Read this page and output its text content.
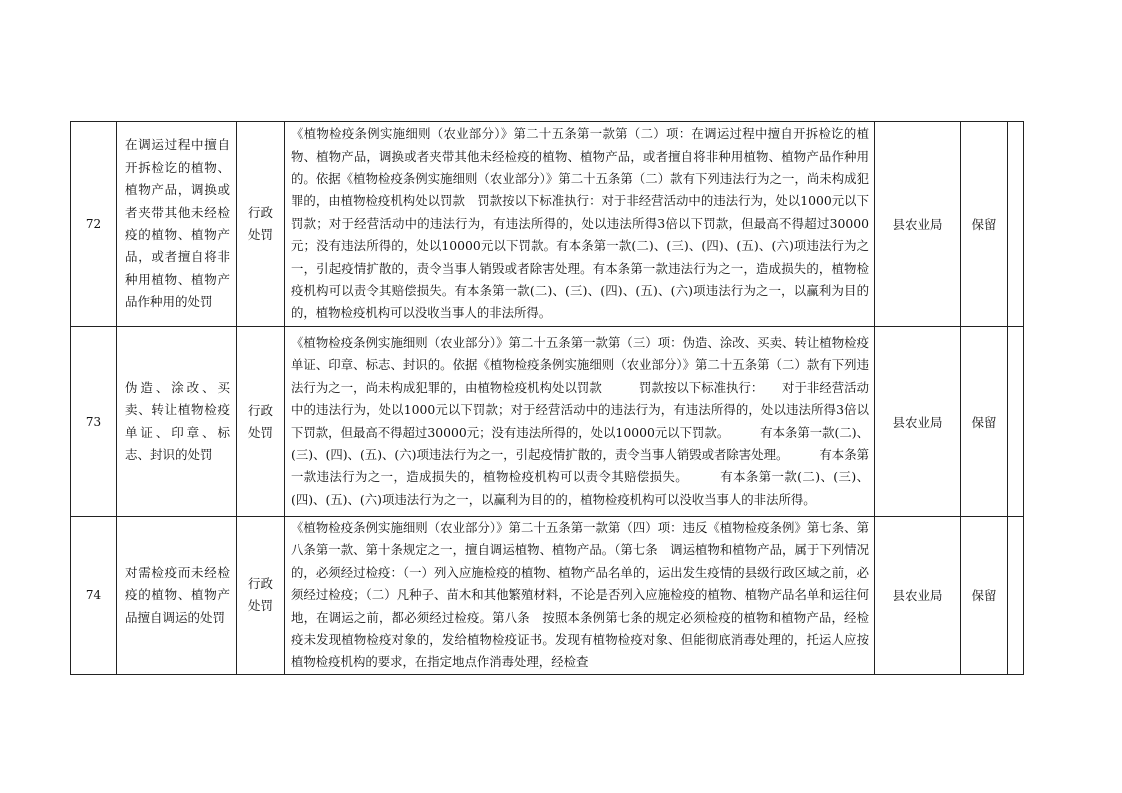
72	在调运过程中擅自开拆检讫的植物、植物产品，调换或者夹带其他未经检疫的植物、植物产品，或者擅自将非种用植物、植物产品作种用的处罚	行政处罚	《植物检疫条例实施细则（农业部分）》第二十五条第一款第（二）项：在调运过程中擅自开拆检讫的植物、植物产品，调换或者夹带其他未经检疫的植物、植物产品，或者擅自将非种用植物、植物产品作种用的。依据《植物检疫条例实施细则（农业部分）》第二十五条第（二）款有下列违法行为之一，尚未构成犯罪的，由植物检疫机构处以罚款　罚款按以下标准执行：对于非经营活动中的违法行为，处以1000元以下罚款；对于经营活动中的违法行为，有违法所得的，处以违法所得3倍以下罚款，但最高不得超过30000元；没有违法所得的，处以10000元以下罚款。有本条第一款(二)、(三)、(四)、(五)、(六)项违法行为之一，引起疫情扩散的，责令当事人销毁或者除害处理。有本条第一款违法行为之一，造成损失的，植物检疫机构可以责令其赔偿损失。有本条第一款(二)、(三)、(四)、(五)、(六)项违法行为之一，以赢利为目的的，植物检疫机构可以没收当事人的非法所得。	县农业局	保留	
73	伪造、涂改、买卖、转让植物检疫单证、印章、标志、封识的处罚	行政处罚	《植物检疫条例实施细则（农业部分）》第二十五条第一款第（三）项：伪造、涂改、买卖、转让植物检疫单证、印章、标志、封识的。依据《植物检疫条例实施细则（农业部分）》第二十五条第（二）款有下列违法行为之一，尚未构成犯罪的，由植物检疫机构处以罚款　　　罚款按以下标准执行：　　对于非经营活动中的违法行为，处以1000元以下罚款；对于经营活动中的违法行为，有违法所得的，处以违法所得3倍以下罚款，但最高不得超过30000元；没有违法所得的，处以10000元以下罚款。　　　有本条第一款(二)、(三)、(四)、(五)、(六)项违法行为之一，引起疫情扩散的，责令当事人销毁或者除害处理。　　　有本条第一款违法行为之一，造成损失的，植物检疫机构可以责令其赔偿损失。　　　有本条第一款(二)、(三)、(四)、(五)、(六)项违法行为之一，以赢利为目的的，植物检疫机构可以没收当事人的非法所得。	县农业局	保留	
74	对需检疫而未经检疫的植物、植物产品擅自调运的处罚	行政处罚	《植物检疫条例实施细则（农业部分）》第二十五条第一款第（四）项：违反《植物检疫条例》第七条、第八条第一款、第十条规定之一，擅自调运植物、植物产品。（第七条　调运植物和植物产品，属于下列情况的，必须经过检疫：（一）列入应施检疫的植物、植物产品名单的，运出发生疫情的县级行政区域之前，必须经过检疫；（二）凡种子、苗木和其他繁殖材料，不论是否列入应施检疫的植物、植物产品名单和运往何地，在调运之前，都必须经过检疫。第八条　按照本条例第七条的规定必须检疫的植物和植物产品，经检疫未发现植物检疫对象的，发给植物检疫证书。发现有植物检疫对象、但能彻底消毒处理的，托运人应按植物检疫机构的要求，在指定地点作消毒处理，经检查	县农业局	保留	
